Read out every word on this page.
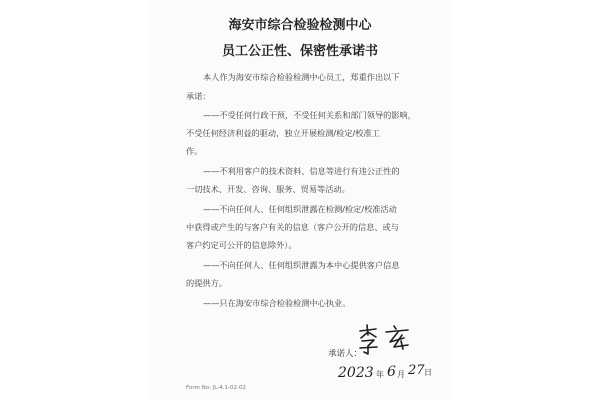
海安市综合检验检测中心
员工公正性、保密性承诺书
本人作为海安市综合检验检测中心员工，郑重作出以下
承诺：
——不受任何行政干预，不受任何关系和部门领导的影响，
不受任何经济利益的驱动，独立开展检测/检定/校准工
作。
——不利用客户的技术资料、信息等进行有违公正性的
一切技术、开发、咨询、服务、贸易等活动。
——不向任何人、任何组织泄露在检测/检定/校准活动
中获得或产生的与客户有关的信息（客户公开的信息、或与
客户约定可公开的信息除外）。
——不向任何人、任何组织泄露为本中心提供客户信息
的提供方。
——只在海安市综合检验检测中心执业。
承诺人：
2023 年 6 月 27 日
Form No: JL-4.1-02-02
